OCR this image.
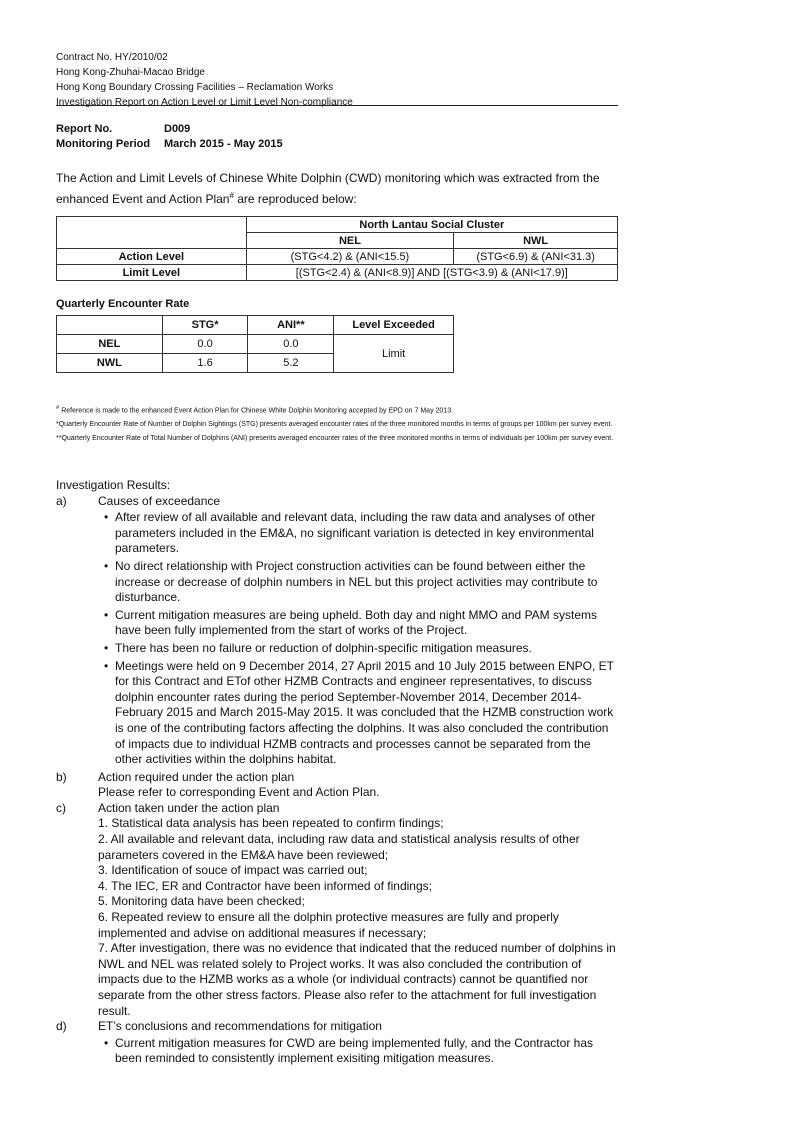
Contract No. HY/2010/02
Hong Kong-Zhuhai-Macao Bridge
Hong Kong Boundary Crossing Facilities – Reclamation Works
Investigation Report on Action Level or Limit Level Non-compliance
Report No.	D009
Monitoring Period March 2015 - May 2015
The Action and Limit Levels of Chinese White Dolphin (CWD) monitoring which was extracted from the enhanced Event and Action Plan# are reproduced below:
	North Lantau Social Cluster	
	NEL	NWL
Action Level	(STG<4.2) & (ANI<15.5)	(STG<6.9) & (ANI<31.3)
Limit Level	[(STG<2.4) & (ANI<8.9)] AND [(STG<3.9) & (ANI<17.9)]	
Quarterly Encounter Rate
	STG*	ANI**	Level Exceeded
NEL	0.0	0.0	Limit
NWL	1.6	5.2	

# Reference is made to the enhanced Event Action Plan for Chinese White Dolphin Monitoring accepted by EPD on 7 May 2013.

*Quarterly Encounter Rate of Number of Dolphin Sightings (STG) presents averaged encounter rates of the three monitored months in terms of groups per 100km per survey event.

**Quarterly Encounter Rate of Total Number of Dolphins (ANI) presents averaged encounter rates of the three monitored months in terms of individuals per 100km per survey event.

Investigation Results:
a)	Causes of exceedance
• After review of all available and relevant data, including the raw data and analyses of other parameters included in the EM&A, no significant variation is detected in key environmental parameters.
• No direct relationship with Project construction activities can be found between either the increase or decrease of dolphin numbers in NEL but this project activities may contribute to disturbance.
• Current mitigation measures are being upheld. Both day and night MMO and PAM systems have been fully implemented from the start of works of the Project.
• There has been no failure or reduction of dolphin-specific mitigation measures.
• Meetings were held on 9 December 2014, 27 April 2015 and 10 July 2015 between ENPO, ET for this Contract and ETof other HZMB Contracts and engineer representatives, to discuss dolphin encounter rates during the period September-November 2014, December 2014-February 2015 and March 2015-May 2015. It was concluded that the HZMB construction work is one of the contributing factors affecting the dolphins. It was also concluded the contribution of impacts due to individual HZMB contracts and processes cannot be separated from the other activities within the dolphins habitat.
b)	Action required under the action plan
Please refer to corresponding Event and Action Plan.
c)	Action taken under the action plan
1. Statistical data analysis has been repeated to confirm findings;
2. All available and relevant data, including raw data and statistical analysis results of other parameters covered in the EM&A have been reviewed;
3. Identification of souce of impact was carried out;
4. The IEC, ER and Contractor have been informed of findings;
5. Monitoring data have been checked;
6. Repeated review to ensure all the dolphin protective measures are fully and properly implemented and advise on additional measures if necessary;
7. After investigation, there was no evidence that indicated that the reduced number of dolphins in NWL and NEL was related solely to Project works. It was also concluded the contribution of impacts due to the HZMB works as a whole (or individual contracts) cannot be quantified nor separate from the other stress factors. Please also refer to the attachment for full investigation result.
d)	ET’s conclusions and recommendations for mitigation
• Current mitigation measures for CWD are being implemented fully, and the Contractor has been reminded to consistently implement exisiting mitigation measures.
